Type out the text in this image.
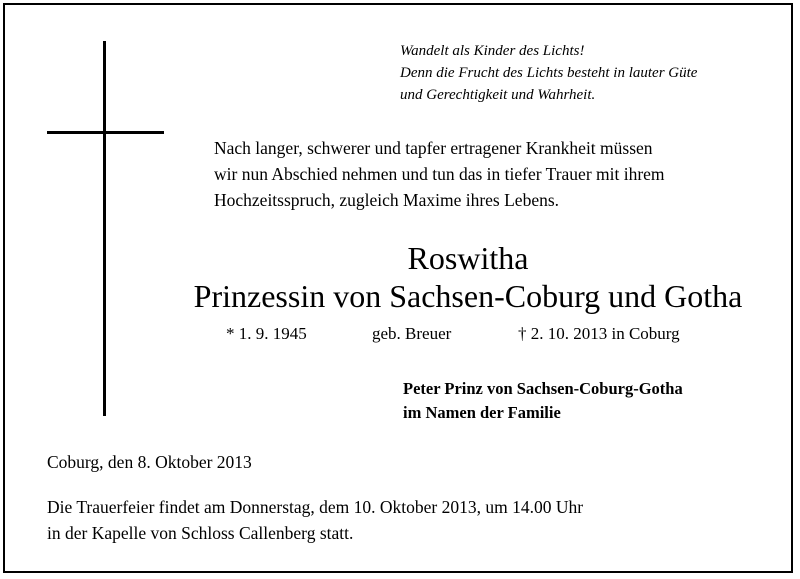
Wandelt als Kinder des Lichts!
Denn die Frucht des Lichts besteht in lauter Güte
und Gerechtigkeit und Wahrheit.
Nach langer, schwerer und tapfer ertragener Krankheit müssen
wir nun Abschied nehmen und tun das in tiefer Trauer mit ihrem
Hochzeitsspruch, zugleich Maxime ihres Lebens.
Roswitha
Prinzessin von Sachsen-Coburg und Gotha
* 1. 9. 1945	geb. Breuer	† 2. 10. 2013 in Coburg
Peter Prinz von Sachsen-Coburg-Gotha
im Namen der Familie
Coburg, den 8. Oktober 2013
Die Trauerfeier findet am Donnerstag, dem 10. Oktober 2013, um 14.00 Uhr
in der Kapelle von Schloss Callenberg statt.
